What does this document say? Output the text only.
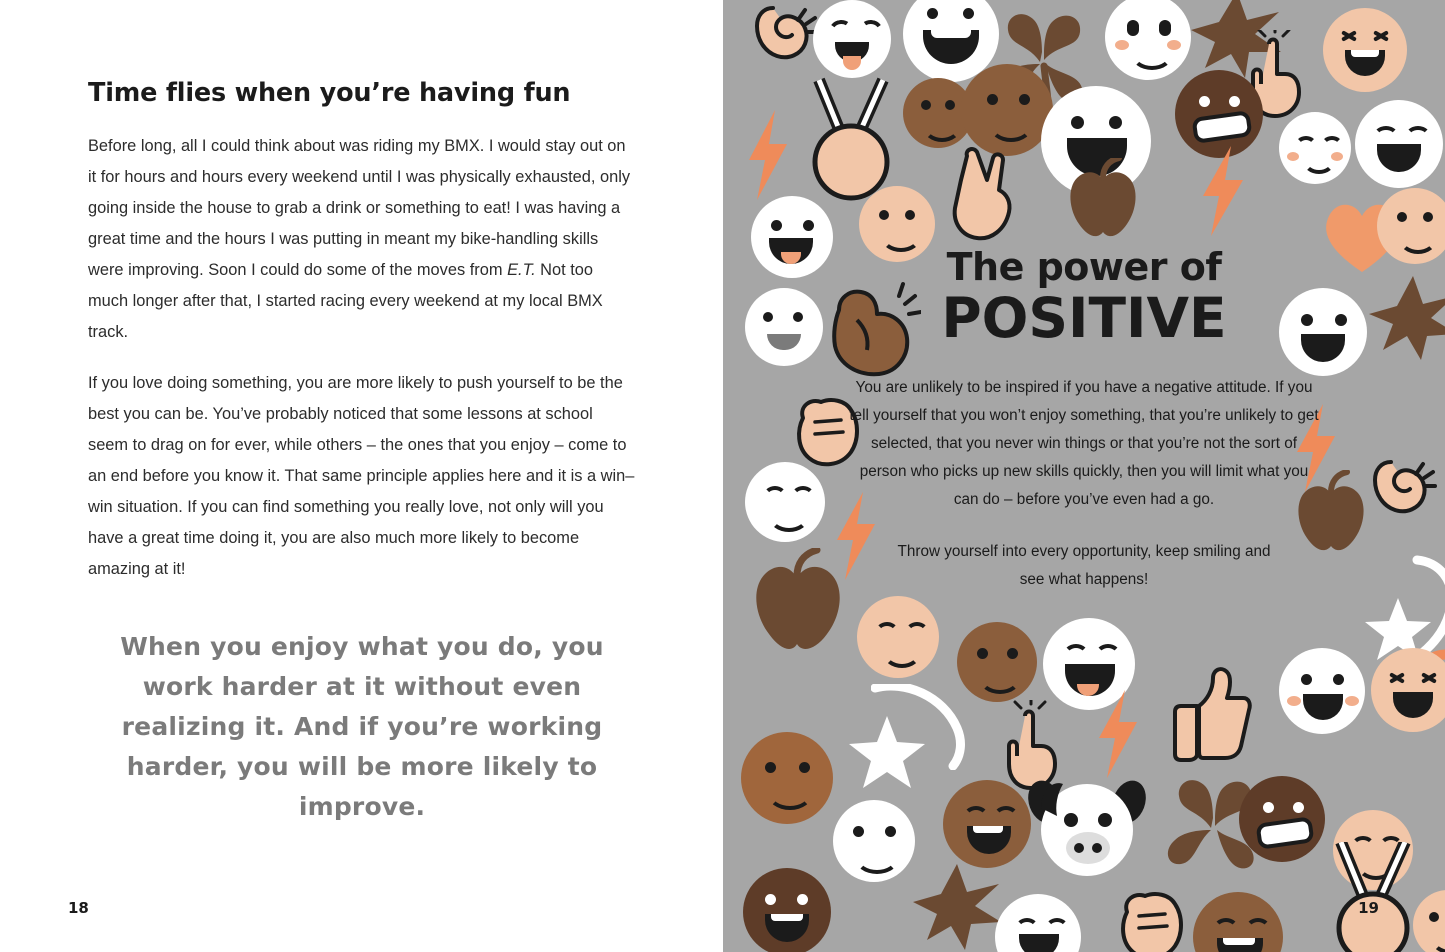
Time flies when you’re having fun

Before long, all I could think about was riding my BMX. I would stay out on it for hours and hours every weekend until I was physically exhausted, only going inside the house to grab a drink or something to eat! I was having a great time and the hours I was putting in meant my bike-handling skills were improving. Soon I could do some of the moves from E.T. Not too much longer after that, I started racing every weekend at my local BMX track.

If you love doing something, you are more likely to push yourself to be the best you can be. You’ve probably noticed that some lessons at school seem to drag on for ever, while others – the ones that you enjoy – come to an end before you know it. That same principle applies here and it is a win–win situation. If you can find something you really love, not only will you have a great time doing it, you are also much more likely to become amazing at it!

When you enjoy what you do, you work harder at it without even realizing it. And if you’re working harder, you will be more likely to improve.
18
The power of
POSITIVE

You are unlikely to be inspired if you have a negative attitude. If you tell yourself that you won’t enjoy something, that you’re unlikely to get selected, that you never win things or that you’re not the sort of person who picks up new skills quickly, then you will limit what you can do – before you’ve even had a go.

Throw yourself into every opportunity, keep smiling and see what happens!

19
